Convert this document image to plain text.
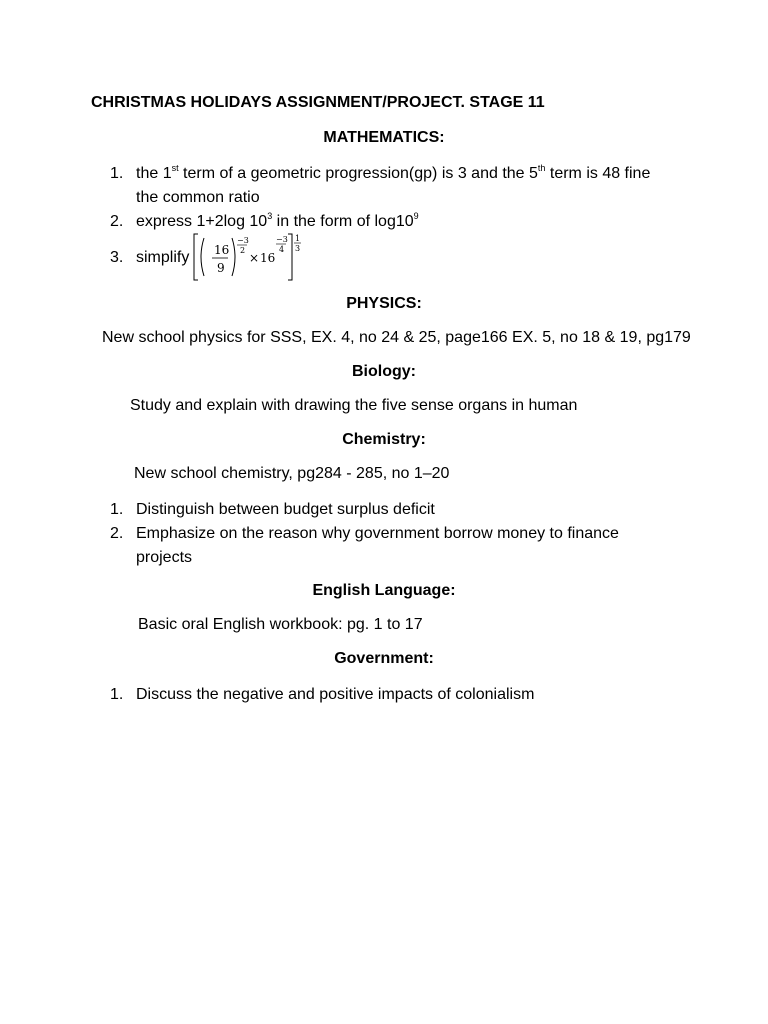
CHRISTMAS HOLIDAYS ASSIGNMENT/PROJECT. STAGE 11
MATHEMATICS:
1. the 1st term of a geometric progression(gp) is 3 and the 5th term is 48 fine the common ratio
2. express 1+2log $10^3$ in the form of $\log 10^9$
3. simplify	16
9
−3
2
× 16
−3
4
1
3
PHYSICS:
New school physics for SSS, EX. 4, no 24 & 25, page166 EX. 5, no 18 & 19, pg179
Biology:
Study and explain with drawing the five sense organs in human
Chemistry:
New school chemistry, pg284 - 285, no 1–20
1. Distinguish between budget surplus deficit
2. Emphasize on the reason why government borrow money to finance projects
English Language:
Basic oral English workbook: pg. 1 to 17
Government:
1. Discuss the negative and positive impacts of colonialism
